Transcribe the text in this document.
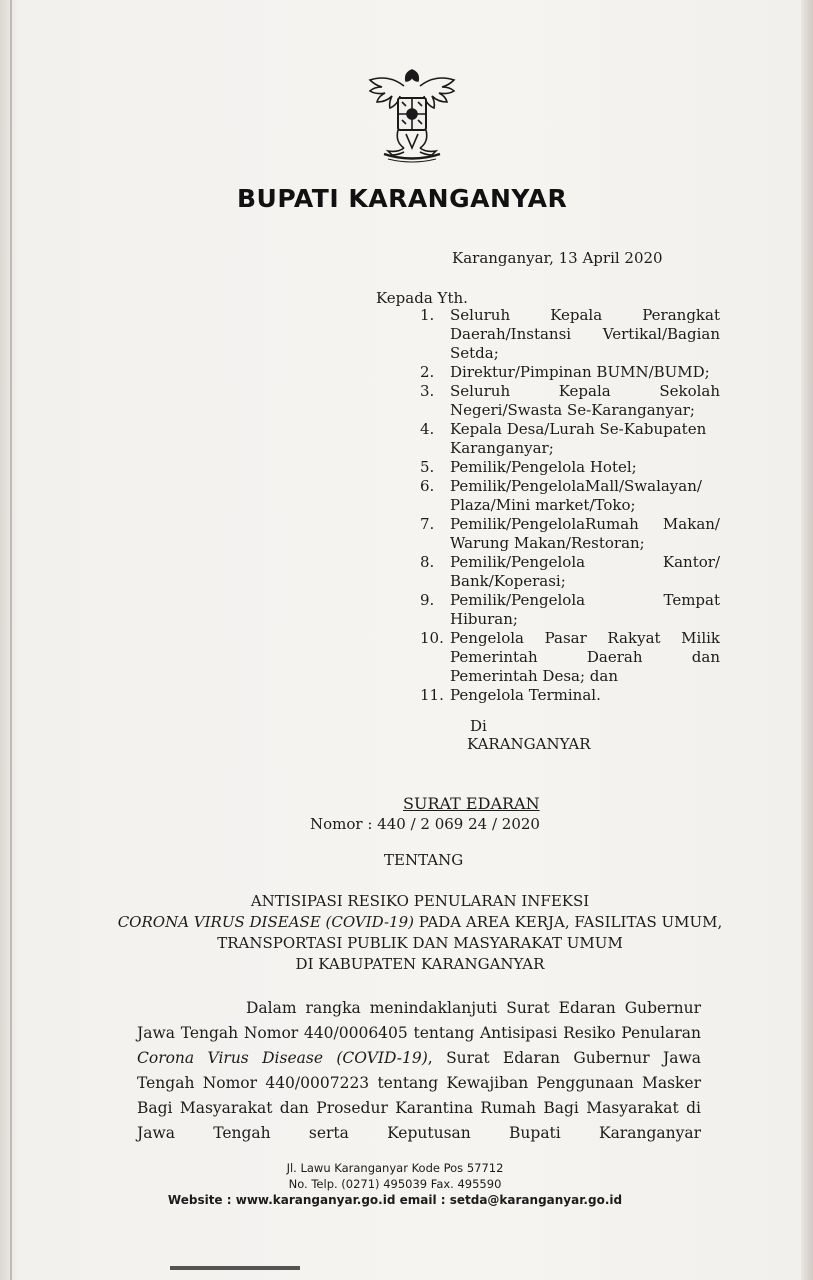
BUPATI KARANGANYAR
Karanganyar, 13 April 2020
Kepada Yth.
1.	Seluruh Kepala Perangkat
Daerah/Instansi Vertikal/Bagian
Setda;
2.	Direktur/Pimpinan BUMN/BUMD;
3.	Seluruh Kepala Sekolah
Negeri/Swasta Se-Karanganyar;
4.	Kepala Desa/Lurah Se-Kabupaten
Karanganyar;
5.	Pemilik/Pengelola Hotel;
6.	Pemilik/PengelolaMall/Swalayan/
Plaza/Mini market/Toko;
7.	Pemilik/PengelolaRumah Makan/
Warung Makan/Restoran;
8.	Pemilik/Pengelola Kantor/
Bank/Koperasi;
9.	Pemilik/Pengelola Tempat
Hiburan;
10. Pengelola Pasar Rakyat Milik
Pemerintah Daerah dan
Pemerintah Desa; dan
11. Pengelola Terminal.
Di
KARANGANYAR
SURAT EDARAN
Nomor : 440 / 2 069 24 / 2020
TENTANG
ANTISIPASI RESIKO PENULARAN INFEKSI
CORONA VIRUS DISEASE (COVID-19) PADA AREA KERJA, FASILITAS UMUM,
TRANSPORTASI PUBLIK DAN MASYARAKAT UMUM
DI KABUPATEN KARANGANYAR

Dalam rangka menindaklanjuti Surat Edaran Gubernur Jawa Tengah Nomor 440/0006405 tentang Antisipasi Resiko Penularan Corona Virus Disease (COVID-19), Surat Edaran Gubernur Jawa Tengah Nomor 440/0007223 tentang Kewajiban Penggunaan Masker Bagi Masyarakat dan Prosedur Karantina Rumah Bagi Masyarakat di Jawa Tengah serta Keputusan Bupati Karanganyar

Jl. Lawu Karanganyar Kode Pos 57712
No. Telp. (0271) 495039 Fax. 495590
Website : www.karanganyar.go.id email : setda@karanganyar.go.id
